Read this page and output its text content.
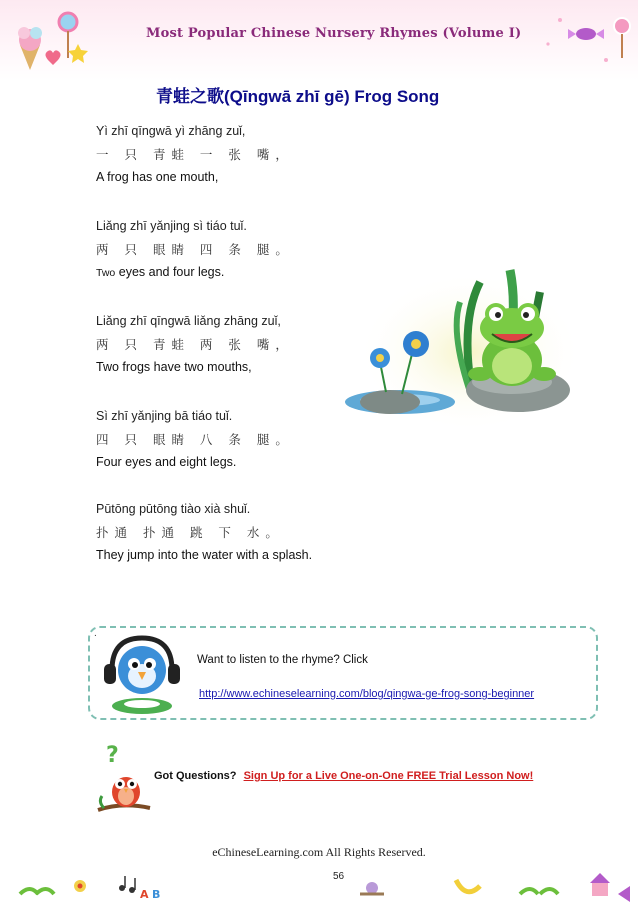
Most Popular Chinese Nursery Rhymes (Volume I)
青蛙之歌(Qīngwā zhī gē) Frog Song
Yì zhī qīngwā yì zhāng zuǐ,
一 只 青蛙 一 张 嘴，
A frog has one mouth,
Liǎng zhī yǎnjing sì tiáo tuǐ.
两 只 眼睛 四 条 腿。
Two eyes and four legs.
Liǎng zhī qīngwā liǎng zhāng zuǐ,
两 只 青蛙 两 张 嘴，
Two frogs have two mouths,
Sì zhī yǎnjing bā tiáo tuǐ.
四 只 眼睛 八 条 腿。
Four eyes and eight legs.
Pūtōng pūtōng tiào xià shuǐ.
扑通 扑通 跳 下 水。
They jump into the water with a splash.
.
Want to listen to the rhyme? Click
http://www.echineselearning.com/blog/qingwa-ge-frog-song-beginner
?
Got Questions? Sign Up for a Live One-on-One FREE Trial Lesson Now!
eChineseLearning.com All Rights Reserved.
56
A B
